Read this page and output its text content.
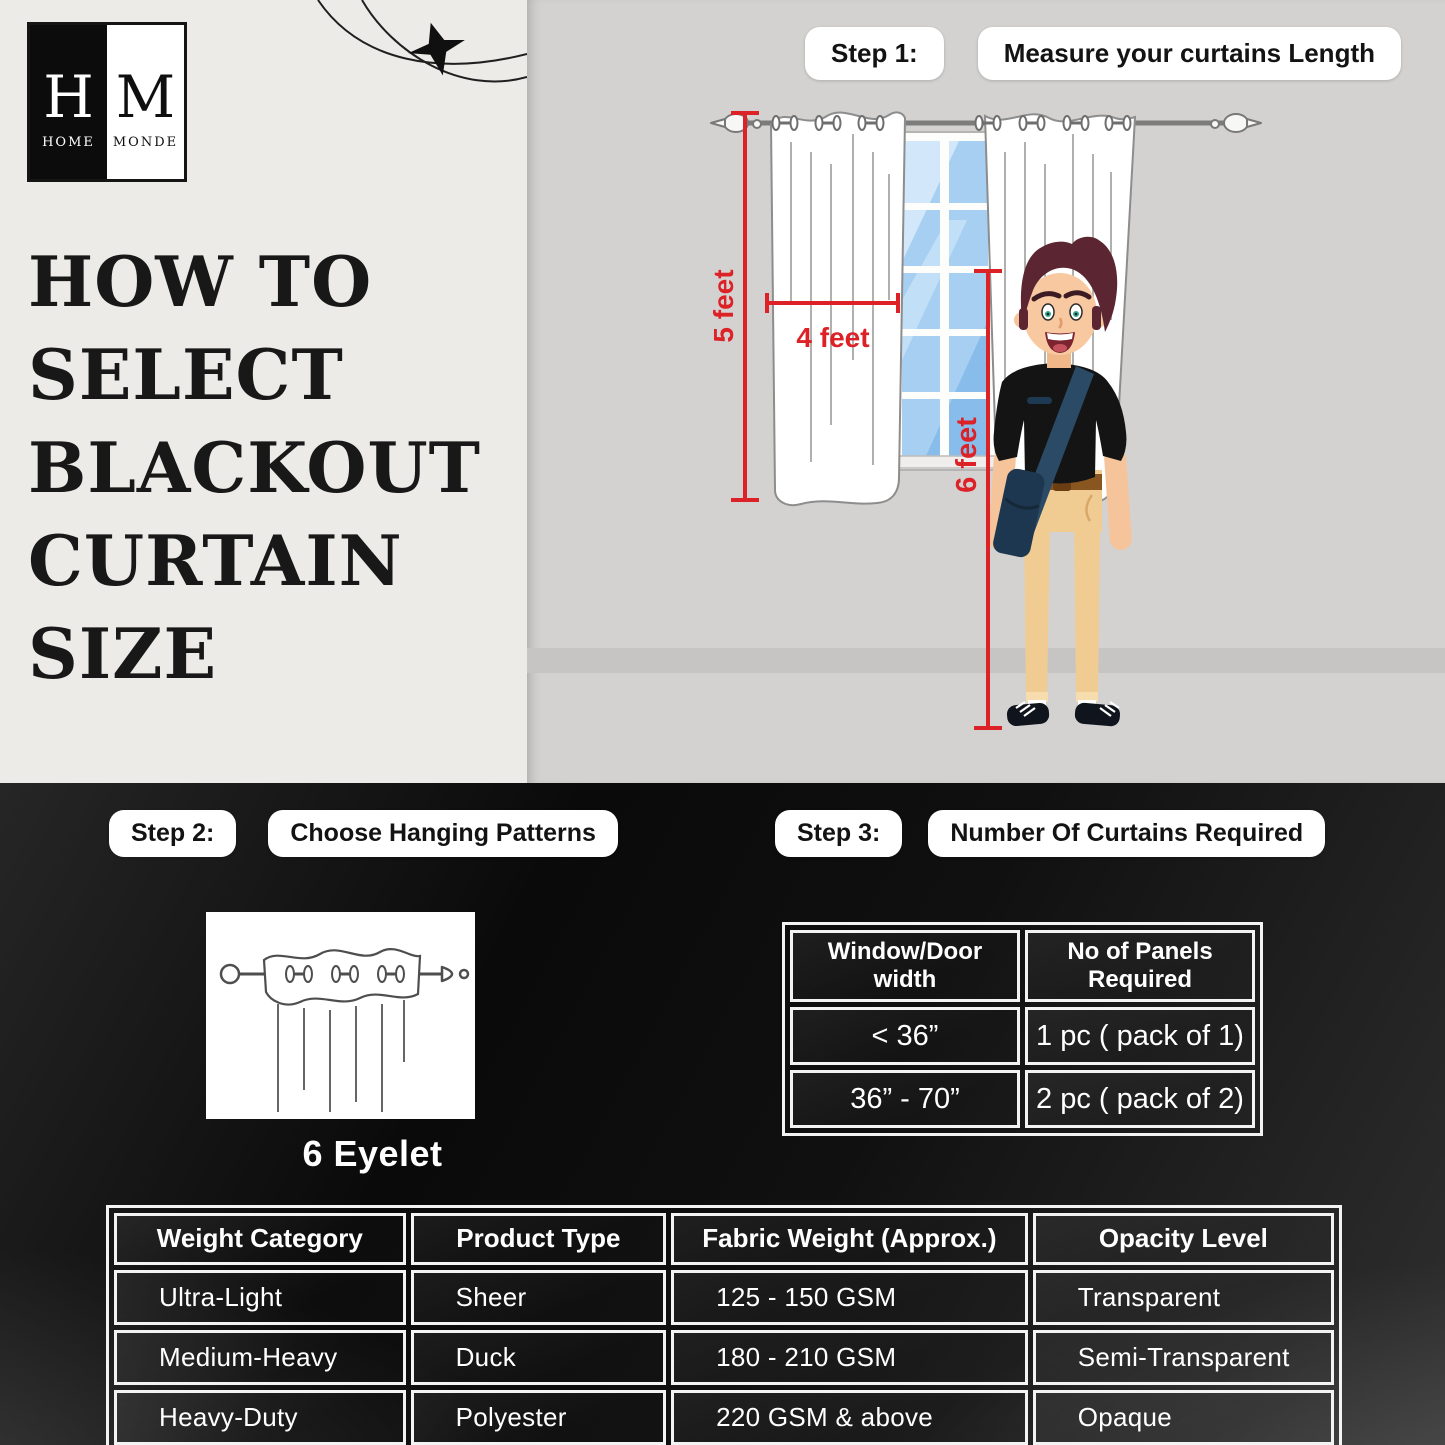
H
HOME
M
MONDE
HOW TO
SELECT
BLACKOUT
CURTAIN
SIZE
5 feet 4 feet
6 feet
Step 1:	Measure your curtains Length
Step 2:	Choose Hanging Patterns	Step 3:	Number Of Curtains Required
6 Eyelet
Window/Door width	No of Panels Required
< 36”	1 pc ( pack of 1)
36” - 70”	2 pc ( pack of 2)
Weight Category	Product Type	Fabric Weight (Approx.)	Opacity Level
Ultra-Light	Sheer	125 - 150 GSM	Transparent
Medium-Heavy	Duck	180 - 210 GSM	Semi-Transparent
Heavy-Duty	Polyester	220 GSM & above	Opaque
